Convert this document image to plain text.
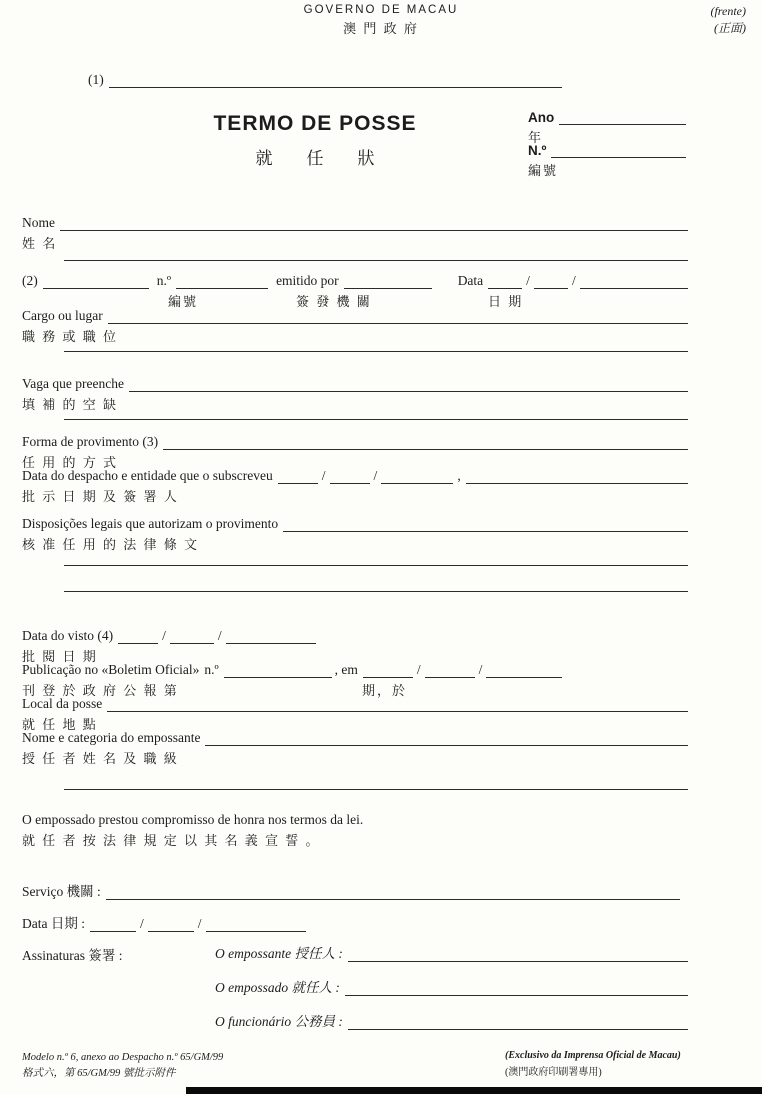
GOVERNO DE MACAU
澳 門 政 府
(frente)
(正面)
(1)
TERMO DE POSSE
就　　任　　狀
Ano
年
N.º
編號
Nome
姓 名
(2)	n.º	emitido por	Data	/	/
編號	簽 發 機 關	日 期
Cargo ou lugar
職 務 或 職 位
Vaga que preenche
填 補 的 空 缺
Forma de provimento (3)
任 用 的 方 式
Data do despacho e entidade que o subscreveu	/	/	,
批 示 日 期 及 簽 署 人
Disposições legais que autorizam o provimento
核 准 任 用 的 法 律 條 文
Data do visto (4)	/	/
批 閱 日 期
Publicação no «Boletim Oficial» n.º	, em	/	/
刊 登 於 政 府 公 報 第	期，於
Local da posse
就 任 地 點
Nome e categoria do empossante
授 任 者 姓 名 及 職 級
O empossado prestou compromisso de honra nos termos da lei.
就 任 者 按 法 律 規 定 以 其 名 義 宣 誓 。
Serviço 機關 :
Data 日期 :	/	/
Assinaturas 簽署 :	O empossante 授任人 :
O empossado 就任人 :
O funcionário 公務員 :
Modelo n.º 6, anexo ao Despacho n.º 65/GM/99
格式六，第 65/GM/99 號批示附件
(Exclusivo da Imprensa Oficial de Macau)
(澳門政府印刷署專用)
